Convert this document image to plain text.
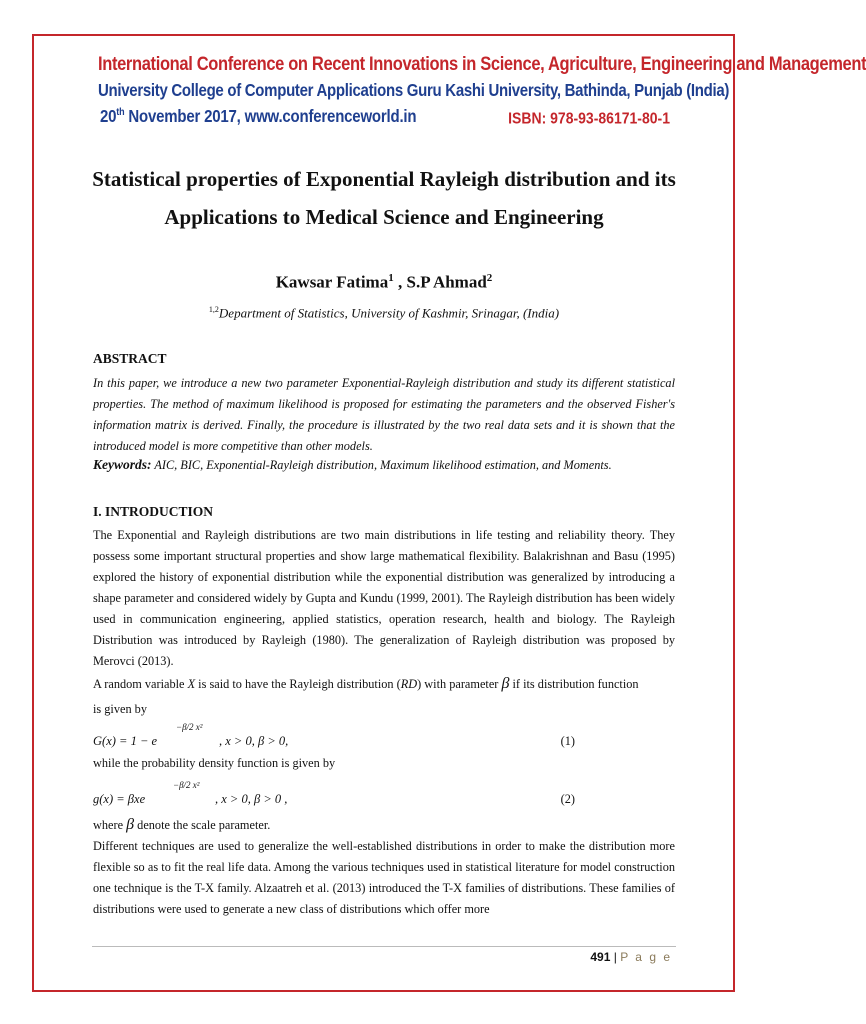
International Conference on Recent Innovations in Science, Agriculture, Engineering and Management
University College of Computer Applications Guru Kashi University, Bathinda, Punjab (India)
20th November 2017, www.conferenceworld.in	ISBN: 978-93-86171-80-1
Statistical properties of Exponential Rayleigh distribution and its Applications to Medical Science and Engineering
Kawsar Fatima$^1$ , S.P Ahmad$^2$
$^{1,2}$Department of Statistics, University of Kashmir, Srinagar, (India)
ABSTRACT
In this paper, we introduce a new two parameter Exponential-Rayleigh distribution and study its different statistical properties. The method of maximum likelihood is proposed for estimating the parameters and the observed Fisher's information matrix is derived. Finally, the procedure is illustrated by the two real data sets and it is shown that the introduced model is more competitive than other models.
Keywords: AIC, BIC, Exponential-Rayleigh distribution, Maximum likelihood estimation, and Moments.
I. INTRODUCTION
The Exponential and Rayleigh distributions are two main distributions in life testing and reliability theory. They possess some important structural properties and show large mathematical flexibility. Balakrishnan and Basu (1995) explored the history of exponential distribution while the exponential distribution was generalized by introducing a shape parameter and considered widely by Gupta and Kundu (1999, 2001). The Rayleigh distribution has been widely used in communication engineering, applied statistics, operation research, health and biology. The Rayleigh Distribution was introduced by Rayleigh (1980). The generalization of Rayleigh distribution was proposed by Merovci (2013).
A random variable X is said to have the Rayleigh distribution (RD) with parameter β if its distribution function
is given by
G(x) = 1 − e
−β/2 x²
, x > 0, β > 0,	(1)
while the probability density function is given by
g(x) = βxe
−β/2 x²
, x > 0, β > 0 ,	(2)
where β denote the scale parameter.
Different techniques are used to generalize the well-established distributions in order to make the distribution more flexible so as to fit the real life data. Among the various techniques used in statistical literature for model construction one technique is the T-X family. Alzaatreh et al. (2013) introduced the T-X families of distributions. These families of distributions were used to generate a new class of distributions which offer more
491 | P a g e
